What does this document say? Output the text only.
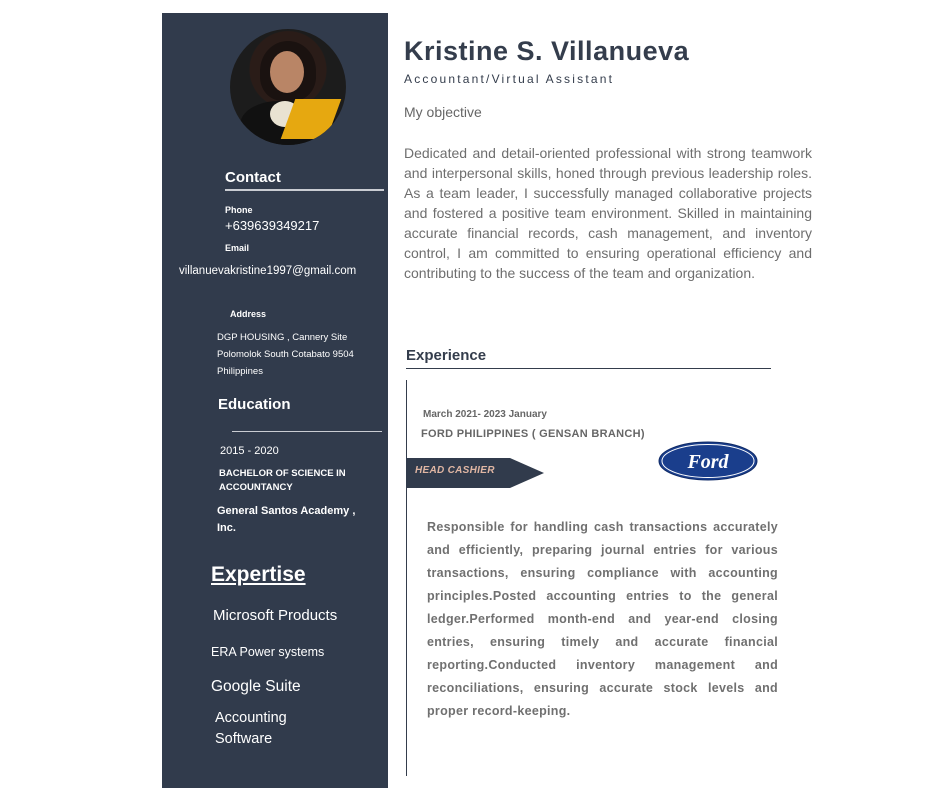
Contact
Phone
+639639349217
Email
villanuevakristine1997@gmail.com
Address
DGP HOUSING , Cannery Site
Polomolok South Cotabato 9504
Philippines
Education
2015 - 2020
BACHELOR OF SCIENCE IN
ACCOUNTANCY
General Santos Academy ,
Inc.
Expertise
Microsoft Products
ERA Power systems
Google Suite
Accounting
Software
Kristine S. Villanueva
Accountant/Virtual Assistant
My objective
Dedicated and detail-oriented professional with strong teamwork and interpersonal skills, honed through previous leadership roles. As a team leader, I successfully managed collaborative projects and fostered a positive team environment. Skilled in maintaining accurate financial records, cash management, and inventory control, I am committed to ensuring operational efficiency and contributing to the success of the team and organization.
Experience
March 2021- 2023 January
FORD PHILIPPINES ( GENSAN BRANCH)
HEAD CASHIER	Ford
Responsible for handling cash transactions accurately and efficiently, preparing journal entries for various transactions, ensuring compliance with accounting principles.Posted accounting entries to the general ledger.Performed month-end and year-end closing entries, ensuring timely and accurate financial reporting.Conducted inventory management and reconciliations, ensuring accurate stock levels and proper record-keeping.
